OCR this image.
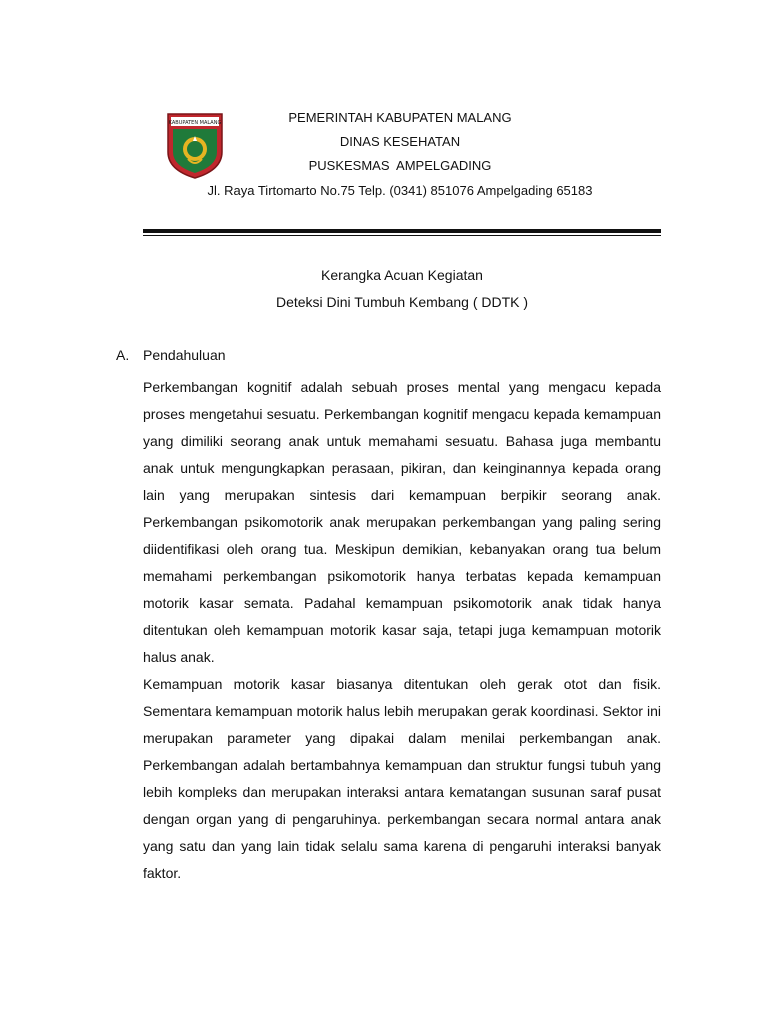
KABUPATEN MALANG	PEMERINTAH KABUPATEN MALANG
DINAS KESEHATAN
PUSKESMAS  AMPELGADING
Jl. Raya Tirtomarto No.75 Telp. (0341) 851076 Ampelgading 65183
Kerangka Acuan Kegiatan
Deteksi Dini Tumbuh Kembang ( DDTK )
A. Pendahuluan

Perkembangan kognitif adalah sebuah proses mental yang mengacu kepada proses mengetahui sesuatu. Perkembangan kognitif mengacu kepada kemampuan yang dimiliki seorang anak untuk memahami sesuatu. Bahasa juga membantu anak untuk mengungkapkan perasaan, pikiran, dan keinginannya kepada orang lain yang merupakan sintesis dari kemampuan berpikir seorang anak. Perkembangan psikomotorik anak merupakan perkembangan yang paling sering diidentifikasi oleh orang tua. Meskipun demikian, kebanyakan orang tua belum memahami perkembangan psikomotorik hanya terbatas kepada kemampuan motorik kasar semata. Padahal kemampuan psikomotorik anak tidak hanya ditentukan oleh kemampuan motorik kasar saja, tetapi juga kemampuan motorik halus anak.

Kemampuan motorik kasar biasanya ditentukan oleh gerak otot dan fisik. Sementara kemampuan motorik halus lebih merupakan gerak koordinasi. Sektor ini merupakan parameter yang dipakai dalam menilai perkembangan anak. Perkembangan adalah bertambahnya kemampuan dan struktur fungsi tubuh yang lebih kompleks dan merupakan interaksi antara kematangan susunan saraf pusat dengan organ yang di pengaruhinya. perkembangan secara normal antara anak yang satu dan yang lain tidak selalu sama karena di pengaruhi interaksi banyak faktor.
